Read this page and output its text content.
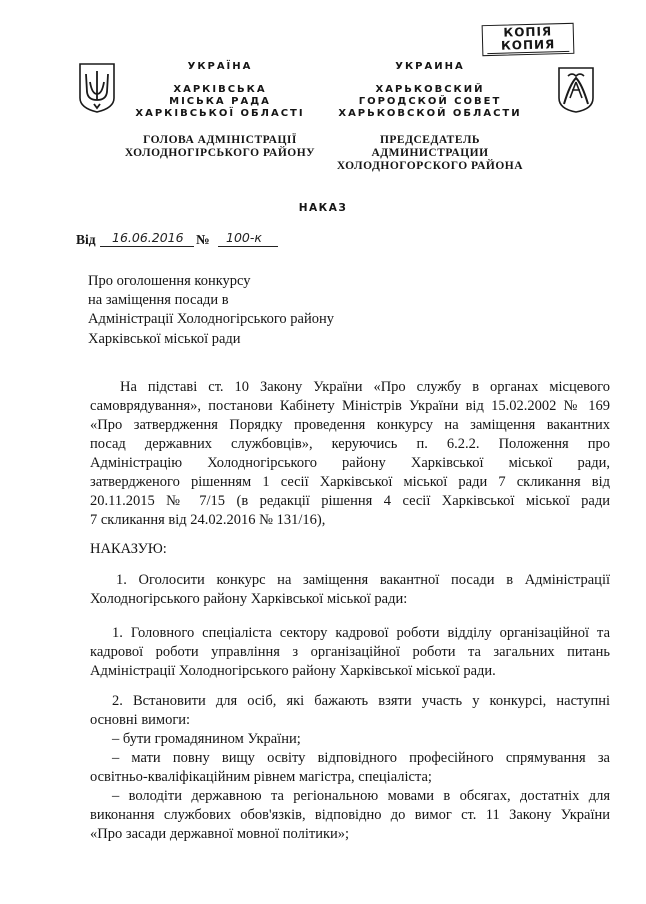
КОПІЯ
КОПИЯ
УКРАЇНА
ХАРКІВСЬКА
МІСЬКА РАДА
ХАРКІВСЬКОЇ ОБЛАСТІ
ГОЛОВА АДМІНІСТРАЦІЇ
ХОЛОДНОГІРСЬКОГО РАЙОНУ
УКРАИНА
ХАРЬКОВСКИЙ
ГОРОДСКОЙ СОВЕТ
ХАРЬКОВСКОЙ ОБЛАСТИ
ПРЕДСЕДАТЕЛЬ АДМИНИСТРАЦИИ
ХОЛОДНОГОРСКОГО РАЙОНА
НАКАЗ
Від 16.06.2016 № 100-к
Про оголошення конкурсу
на заміщення посади в
Адміністрації Холодногірського району
Харківської міської ради
На підставі ст. 10 Закону України «Про службу в органах місцевого
самоврядування», постанови Кабінету Міністрів України від 15.02.2002 № 169
«Про затвердження Порядку проведення конкурсу на заміщення вакантних
посад державних службовців», керуючись п. 6.2.2. Положення про
Адміністрацію Холодногірського району Харківської міської ради,
затвердженого рішенням 1 сесії Харківської міської ради 7 скликання від
20.11.2015 № 7/15 (в редакції рішення 4 сесії Харківської міської ради
7 скликання від 24.02.2016 № 131/16),
НАКАЗУЮ:
1. Оголосити конкурс на заміщення вакантної посади в Адміністрації
Холодногірського району Харківської міської ради:
1. Головного спеціаліста сектору кадрової роботи відділу організаційної та
кадрової роботи управління з організаційної роботи та загальних питань
Адміністрації Холодногірського району Харківської міської ради.
2. Встановити для осіб, які бажають взяти участь у конкурсі, наступні
основні вимоги:
– бути громадянином України;
– мати повну вищу освіту відповідного професійного спрямування за
освітньо-кваліфікаційним рівнем магістра, спеціаліста;
– володіти державною та регіональною мовами в обсягах, достатніх для
виконання службових обов'язків, відповідно до вимог ст. 11 Закону України
«Про засади державної мовної політики»;
